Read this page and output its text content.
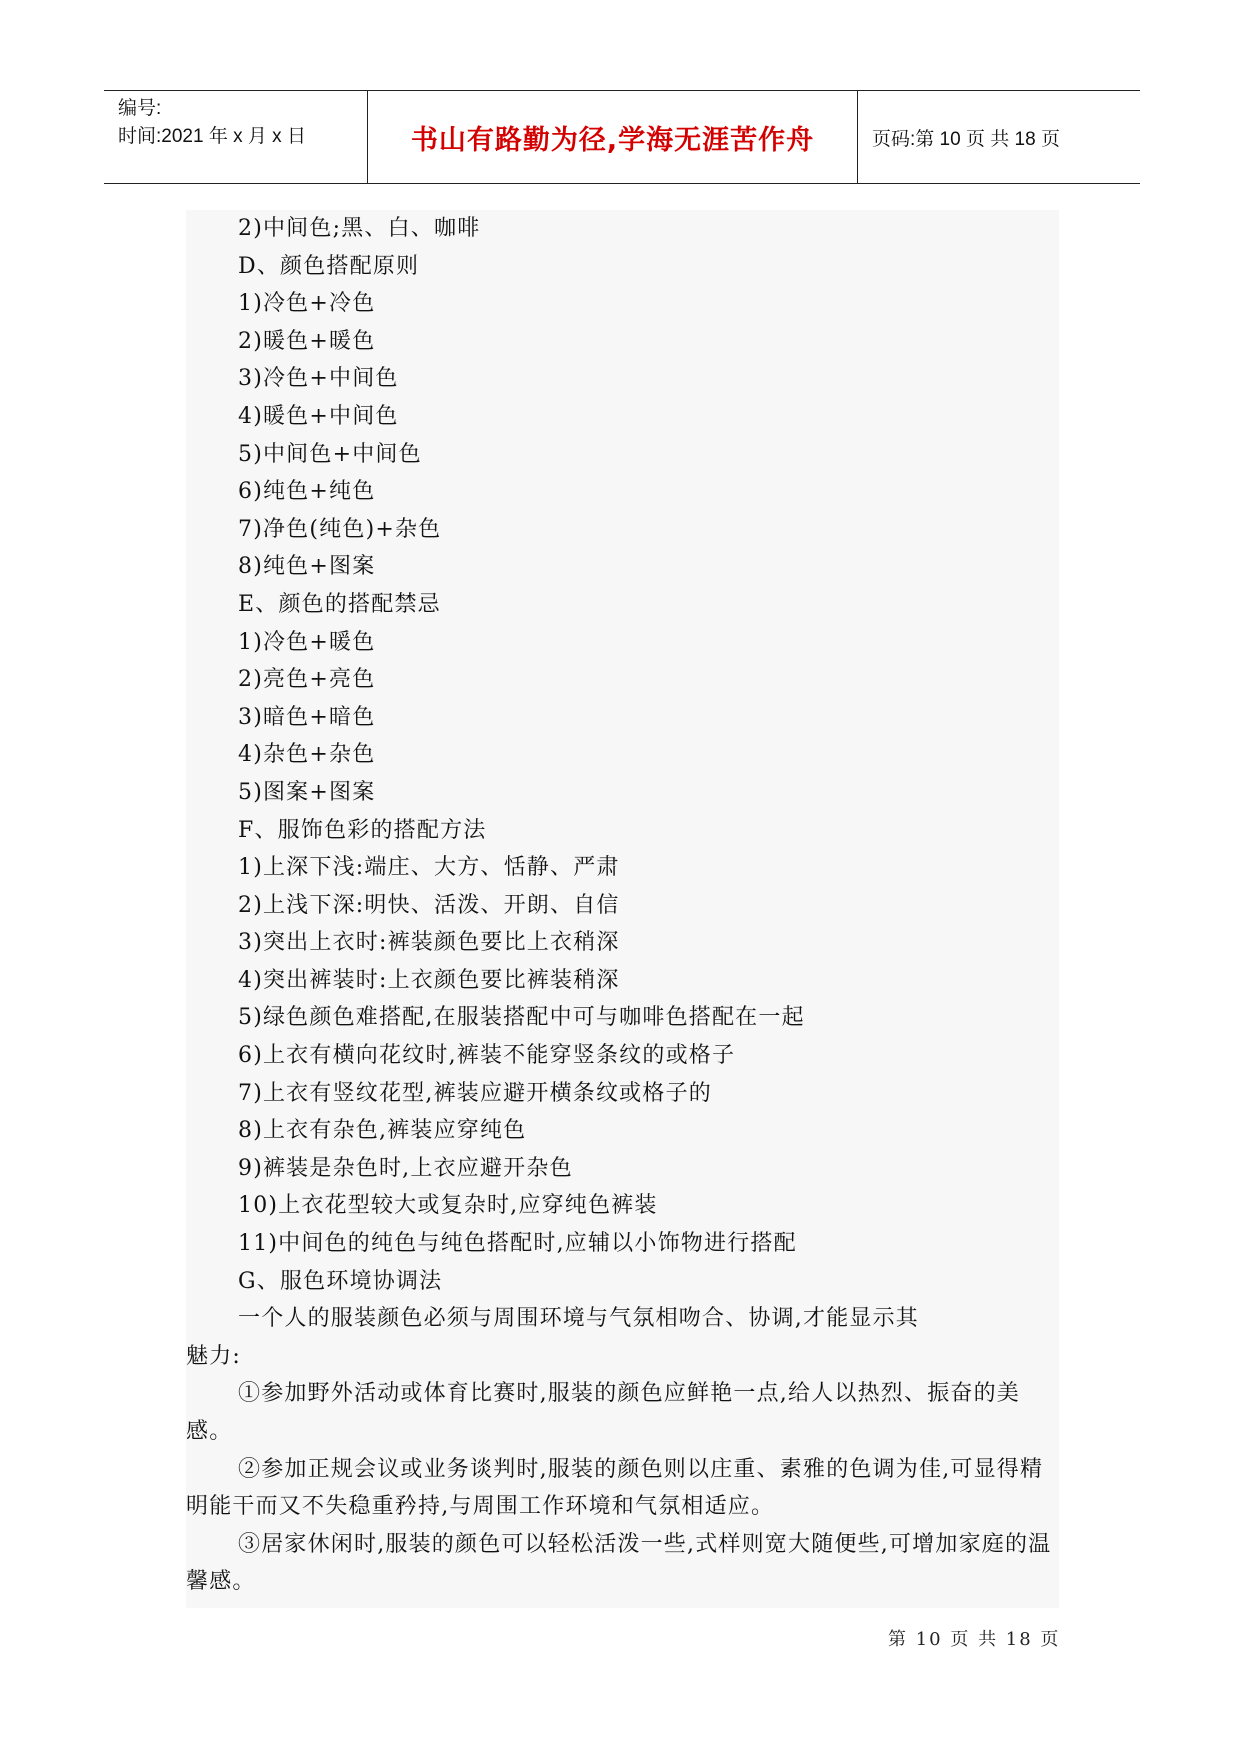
编号:
时间:2021 年 x 月 x 日	书山有路勤为径,学海无涯苦作舟	页码:第 10 页 共 18 页

2)中间色;黑、白、咖啡

D、颜色搭配原则

1)冷色+冷色

2)暖色+暖色

3)冷色+中间色

4)暖色+中间色

5)中间色+中间色

6)纯色+纯色

7)净色(纯色)+杂色

8)纯色+图案

E、颜色的搭配禁忌

1)冷色+暖色

2)亮色+亮色

3)暗色+暗色

4)杂色+杂色

5)图案+图案

F、服饰色彩的搭配方法

1)上深下浅:端庄、大方、恬静、严肃

2)上浅下深:明快、活泼、开朗、自信

3)突出上衣时:裤装颜色要比上衣稍深

4)突出裤装时:上衣颜色要比裤装稍深

5)绿色颜色难搭配,在服装搭配中可与咖啡色搭配在一起

6)上衣有横向花纹时,裤装不能穿竖条纹的或格子

7)上衣有竖纹花型,裤装应避开横条纹或格子的

8)上衣有杂色,裤装应穿纯色

9)裤装是杂色时,上衣应避开杂色

10)上衣花型较大或复杂时,应穿纯色裤装

11)中间色的纯色与纯色搭配时,应辅以小饰物进行搭配

G、服色环境协调法

一个人的服装颜色必须与周围环境与气氛相吻合、协调,才能显示其

魅力:

①参加野外活动或体育比赛时,服装的颜色应鲜艳一点,给人以热烈、振奋的美感。

②参加正规会议或业务谈判时,服装的颜色则以庄重、素雅的色调为佳,可显得精明能干而又不失稳重矜持,与周围工作环境和气氛相适应。

③居家休闲时,服装的颜色可以轻松活泼一些,式样则宽大随便些,可增加家庭的温馨感。

第 10 页 共 18 页
